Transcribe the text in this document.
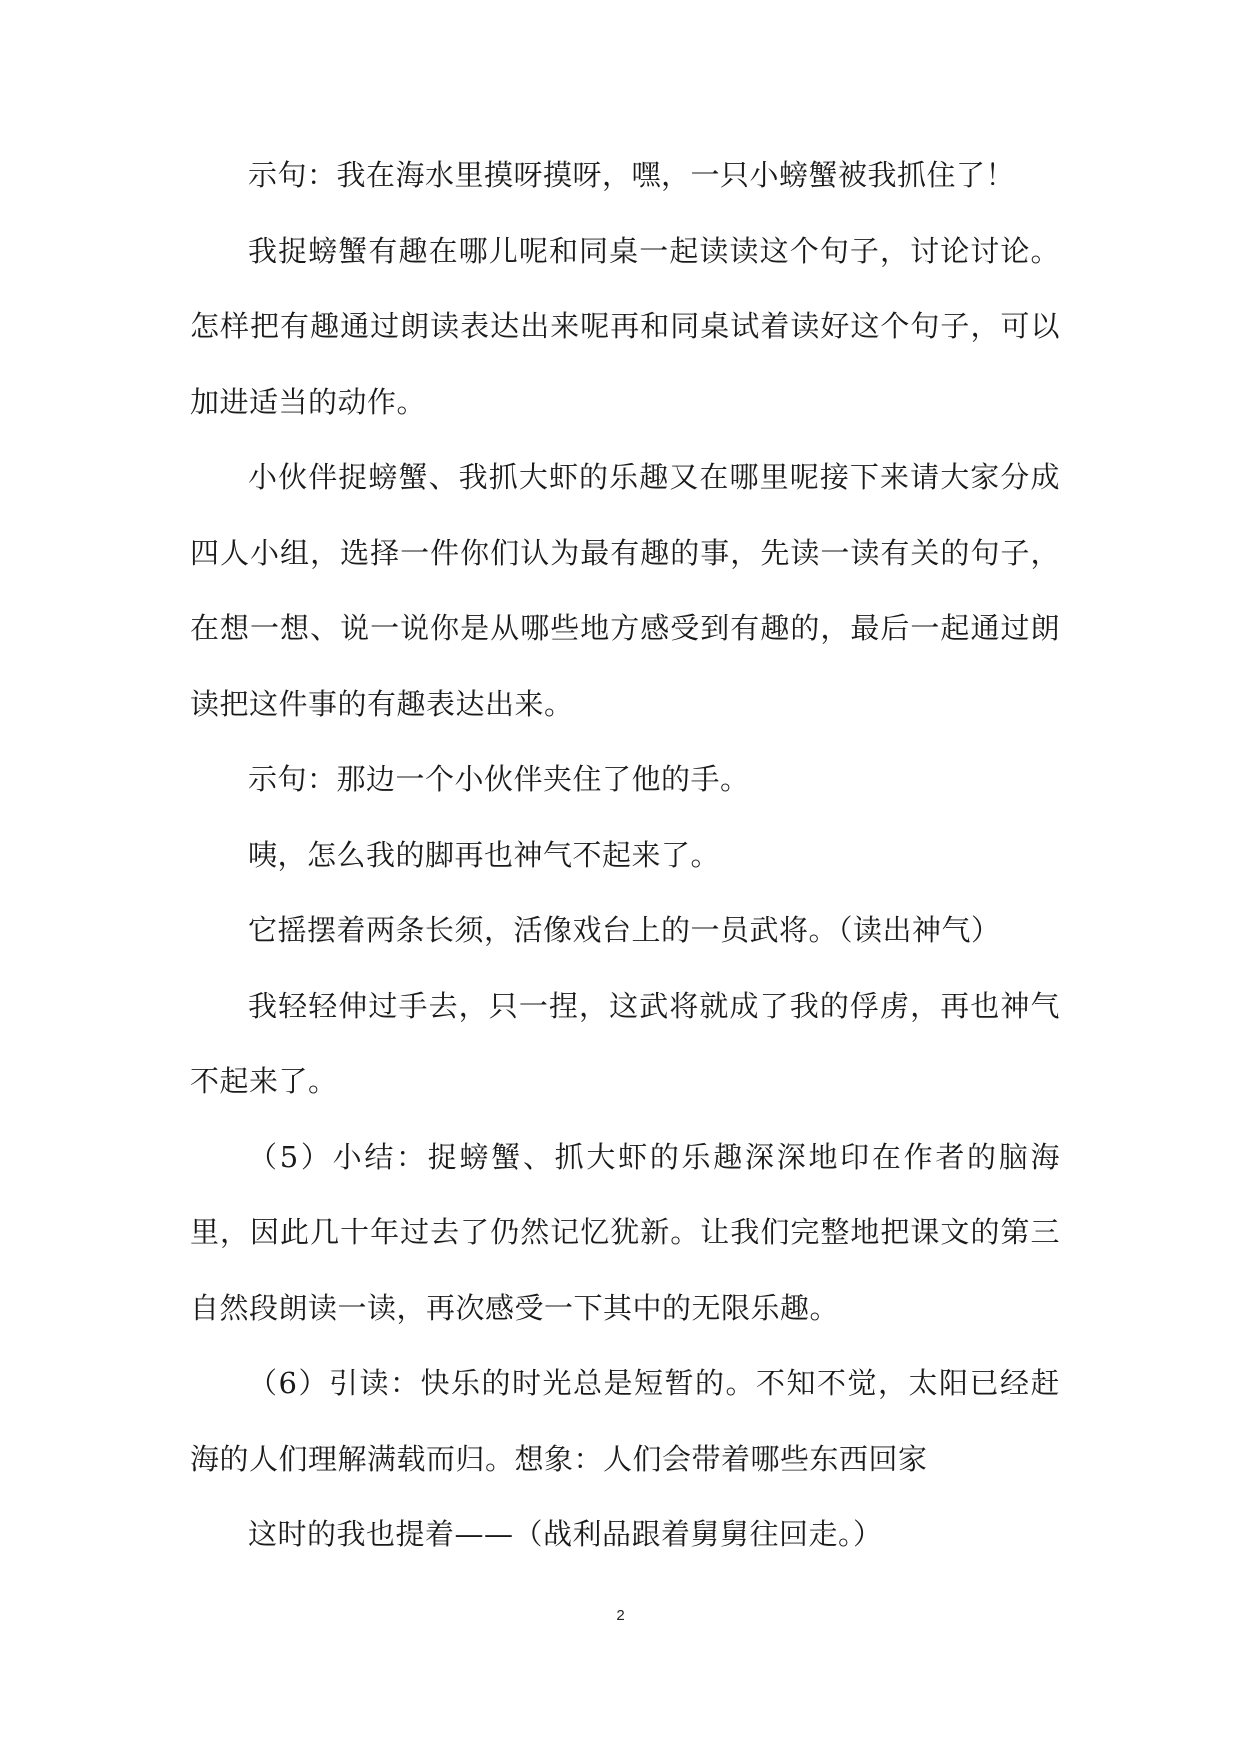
示句：我在海水里摸呀摸呀，嘿，一只小螃蟹被我抓住了！

我捉螃蟹有趣在哪儿呢和同桌一起读读这个句子，讨论讨论。怎样把有趣通过朗读表达出来呢再和同桌试着读好这个句子，可以加进适当的动作。

小伙伴捉螃蟹、我抓大虾的乐趣又在哪里呢接下来请大家分成四人小组，选择一件你们认为最有趣的事，先读一读有关的句子，在想一想、说一说你是从哪些地方感受到有趣的，最后一起通过朗读把这件事的有趣表达出来。

示句：那边一个小伙伴夹住了他的手。

咦，怎么我的脚再也神气不起来了。

它摇摆着两条长须，活像戏台上的一员武将。（读出神气）

我轻轻伸过手去，只一捏，这武将就成了我的俘虏，再也神气不起来了。

（5）小结：捉螃蟹、抓大虾的乐趣深深地印在作者的脑海里，因此几十年过去了仍然记忆犹新。让我们完整地把课文的第三自然段朗读一读，再次感受一下其中的无限乐趣。

（6）引读：快乐的时光总是短暂的。不知不觉，太阳已经赶海的人们理解满载而归。想象：人们会带着哪些东西回家

这时的我也提着——（战利品跟着舅舅往回走。）

2
